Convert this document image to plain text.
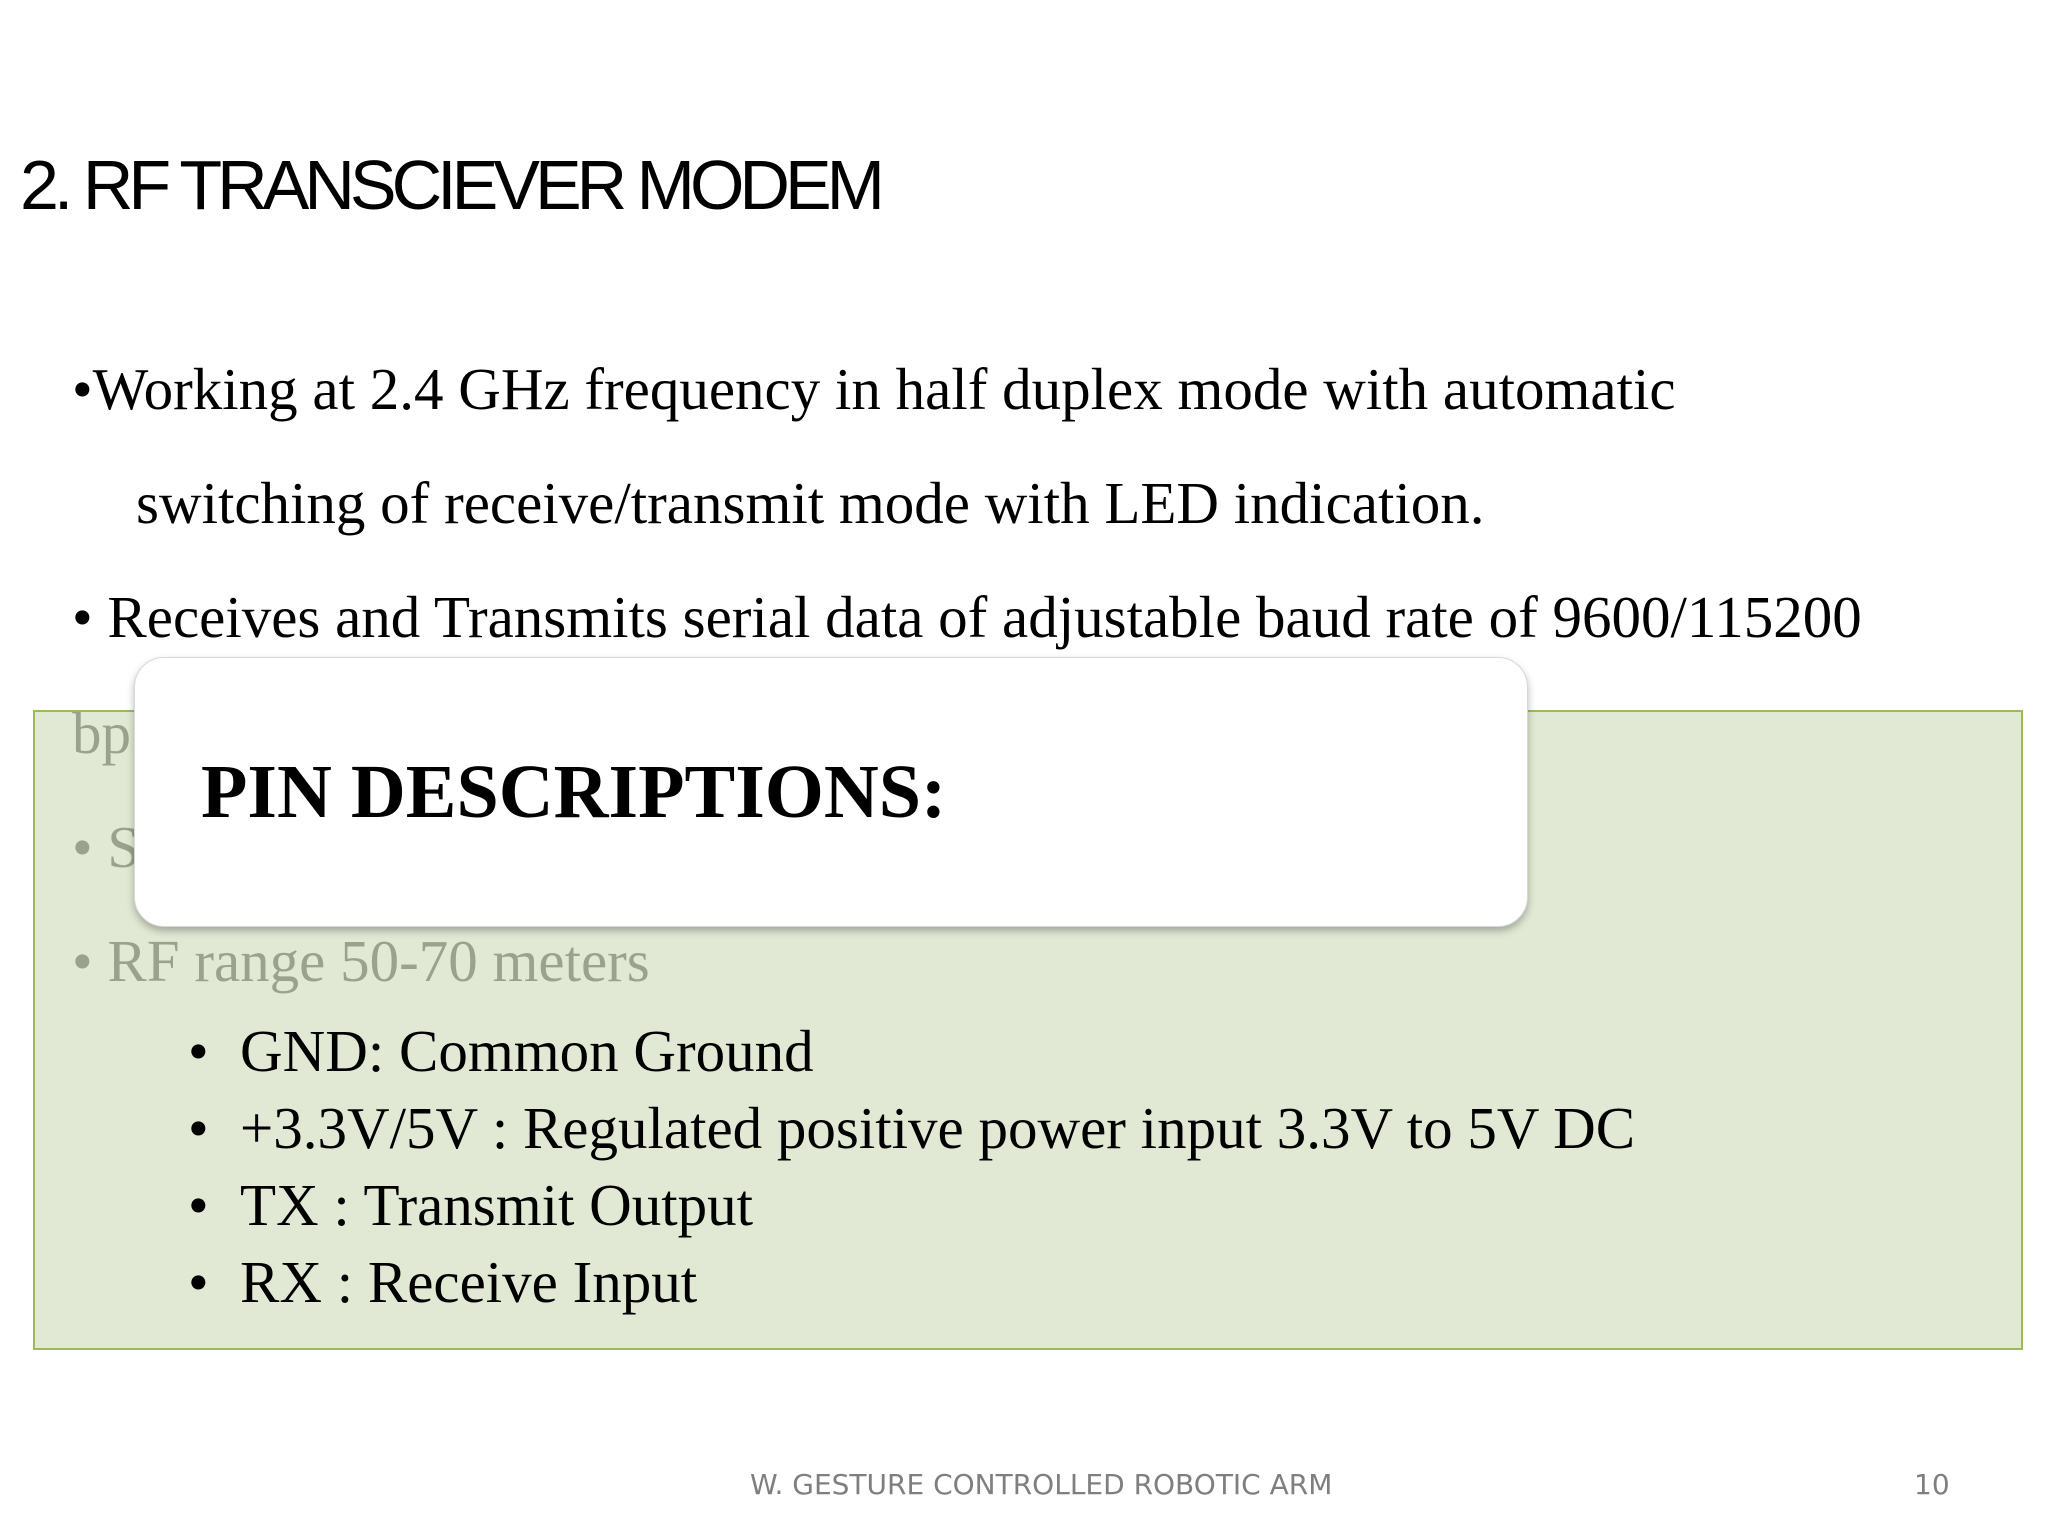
2. RF TRANSCIEVER MODEM
•Working at 2.4 GHz frequency in half duplex mode with automatic
switching of receive/transmit mode with LED indication.
• Receives and Transmits serial data of adjustable baud rate of 9600/115200
PIN DESCRIPTIONS:
• GND: Common Ground
• +3.3V/5V : Regulated positive power input 3.3V to 5V DC
• TX : Transmit Output
• RX : Receive Input
W. GESTURE CONTROLLED ROBOTIC ARM	10
